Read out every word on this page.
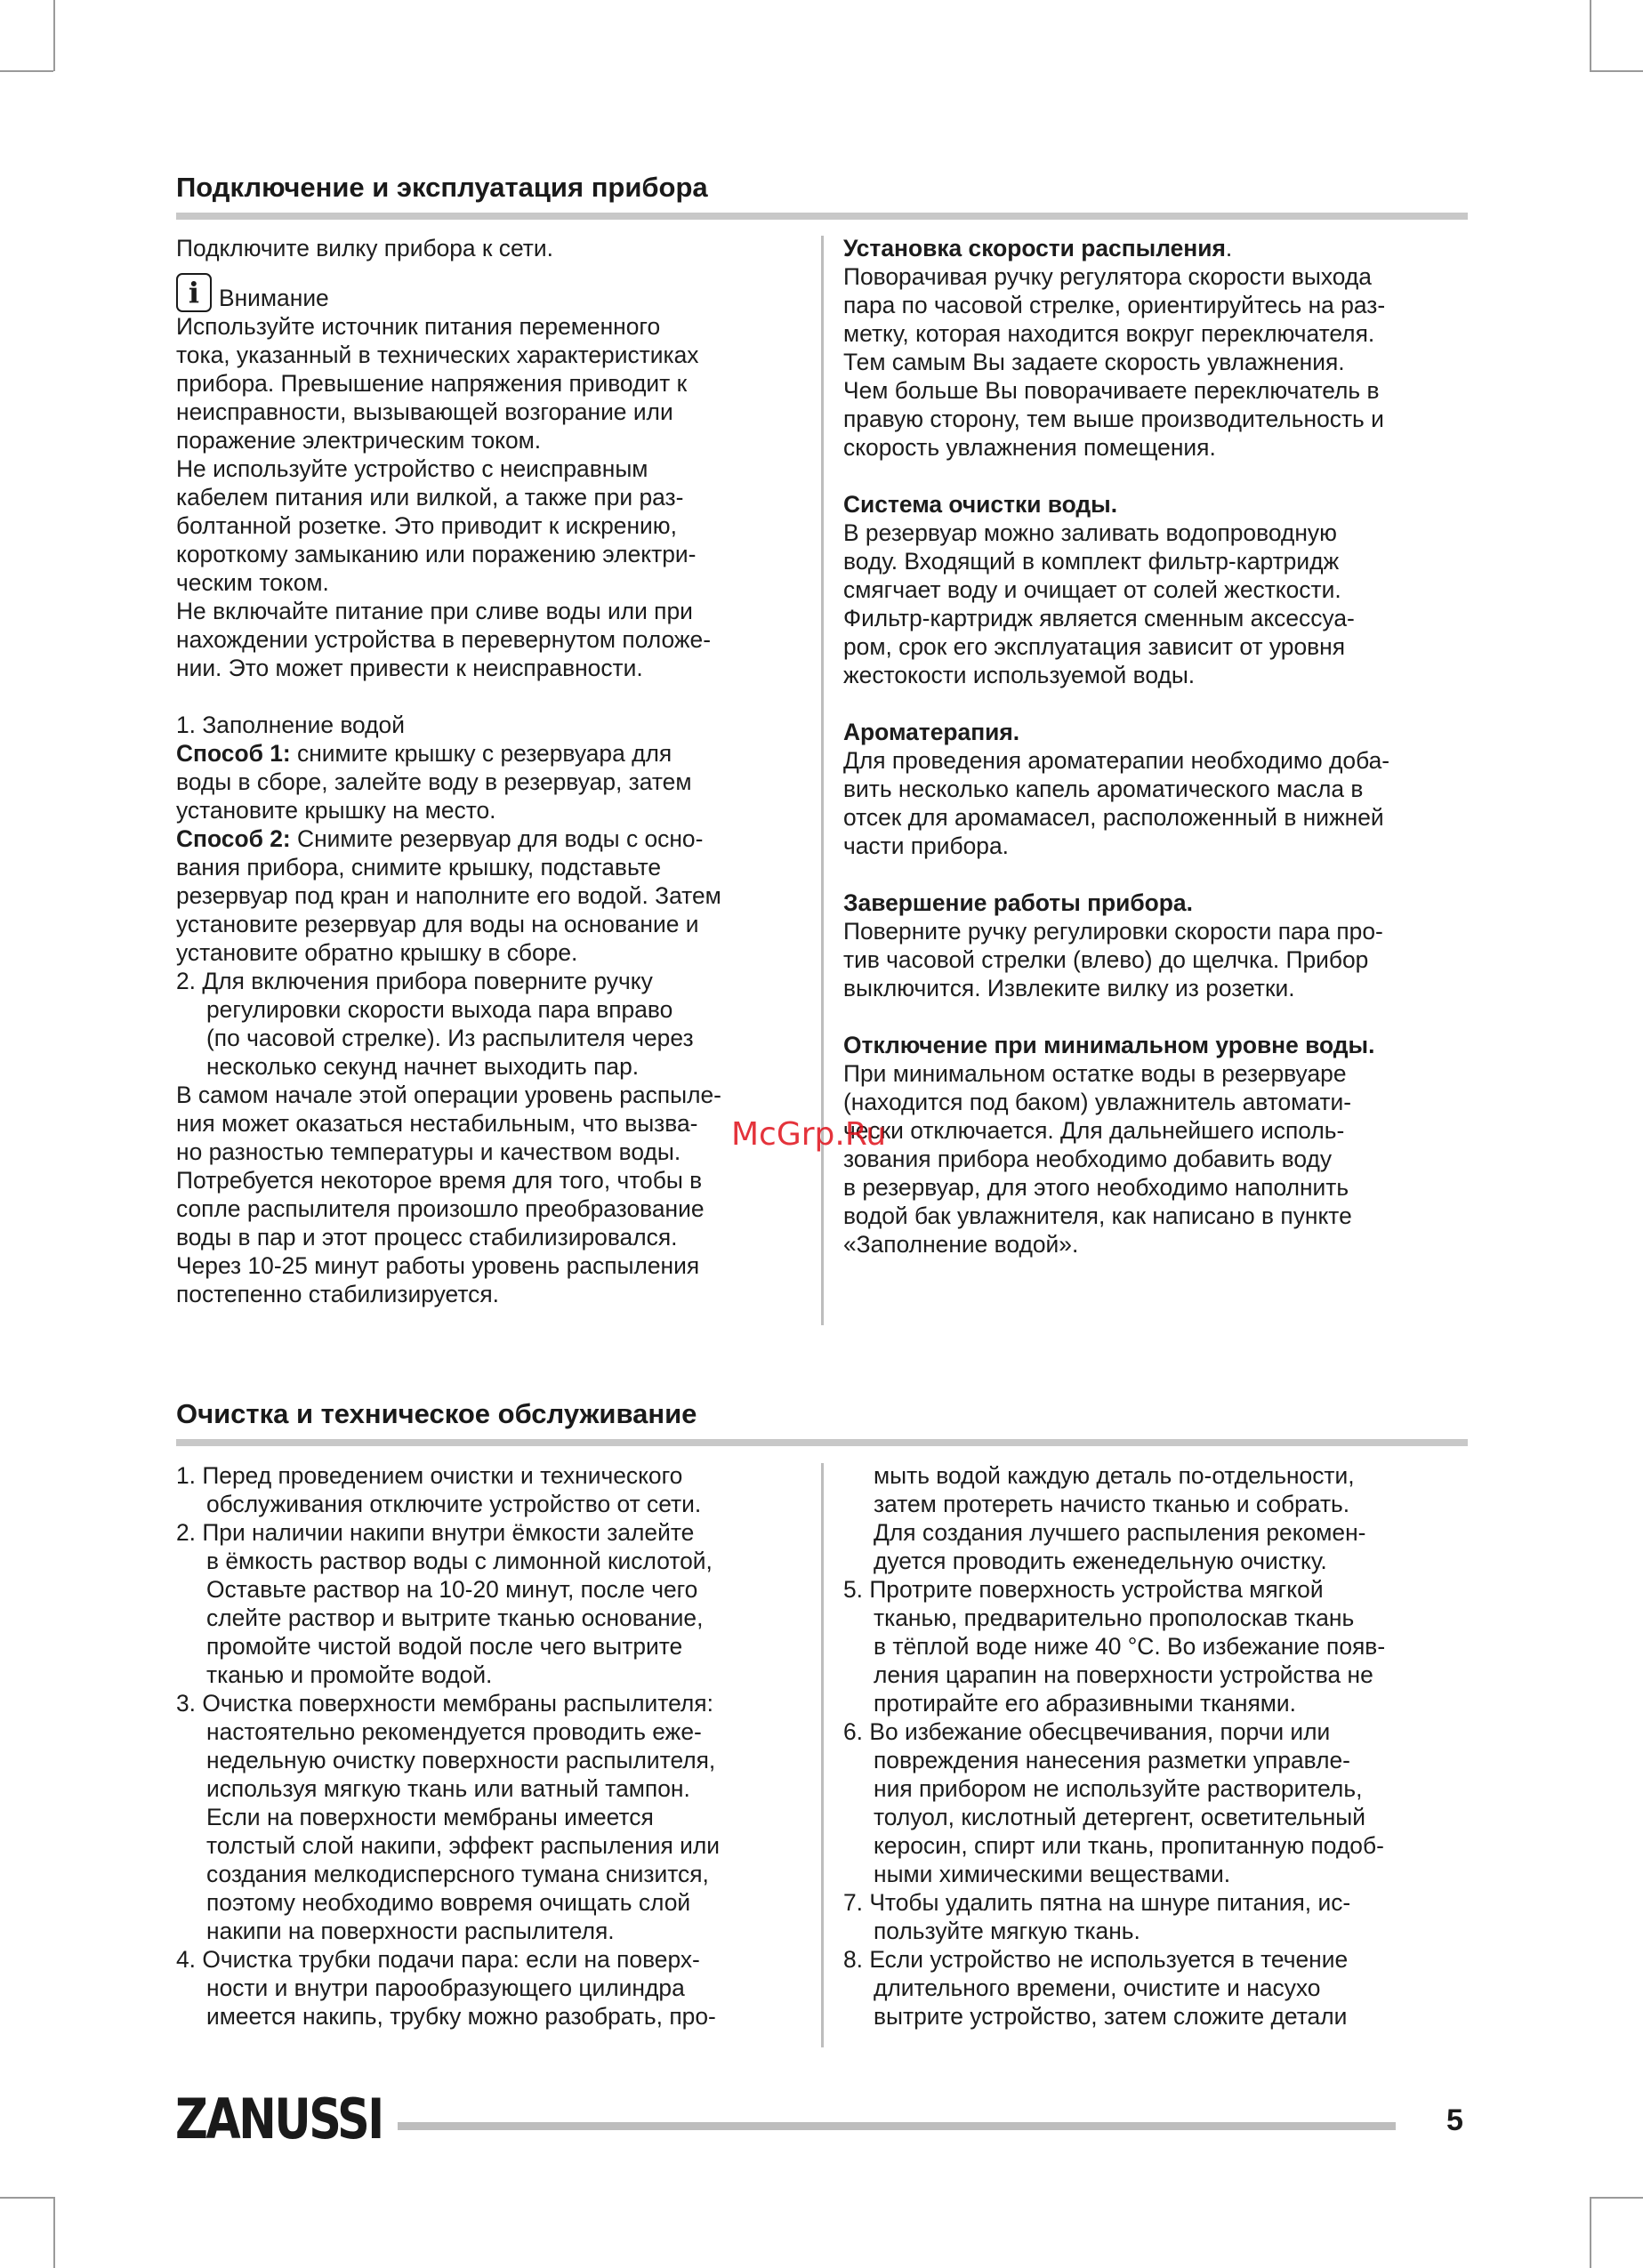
Подключение и эксплуатация прибора

Подключите вилку прибора к сети.

i Внимание

Используйте источник питания переменного

тока, указанный в технических характеристиках

прибора. Превышение напряжения приводит к

неисправности, вызывающей возгорание или

поражение электрическим током.

Не используйте устройство с неисправным

кабелем питания или вилкой, а также при раз-

болтанной розетке. Это приводит к искрению,

короткому замыканию или поражению электри-

ческим током.

Не включайте питание при сливе воды или при

нахождении устройства в перевернутом положе-

нии. Это может привести к неисправности.

1. Заполнение водой

Способ 1: снимите крышку с резервуара для

воды в сборе, залейте воду в резервуар, затем

установите крышку на место.

Способ 2: Снимите резервуар для воды с осно-

вания прибора, снимите крышку, подставьте

резервуар под кран и наполните его водой. Затем

установите резервуар для воды на основание и

установите обратно крышку в сборе.

2. Для включения прибора поверните ручку

регулировки скорости выхода пара вправо

(по часовой стрелке). Из распылителя через

несколько секунд начнет выходить пар.

В самом начале этой операции уровень распыле-

ния может оказаться нестабильным, что вызва-

но разностью температуры и качеством воды.

Потребуется некоторое время для того, чтобы в

сопле распылителя произошло преобразование

воды в пар и этот процесс стабилизировался.

Через 10-25 минут работы уровень распыления

постепенно стабилизируется.

Установка скорости распыления.

Поворачивая ручку регулятора скорости выхода

пара по часовой стрелке, ориентируйтесь на раз-

метку, которая находится вокруг переключателя.

Тем самым Вы задаете скорость увлажнения.

Чем больше Вы поворачиваете переключатель в

правую сторону, тем выше производительность и

скорость увлажнения помещения.

Система очистки воды.

В резервуар можно заливать водопроводную

воду. Входящий в комплект фильтр-картридж

смягчает воду и очищает от солей жесткости.

Фильтр-картридж является сменным аксессуа-

ром, срок его эксплуатация зависит от уровня

жестокости используемой воды.

Ароматерапия.

Для проведения ароматерапии необходимо доба-

вить несколько капель ароматического масла в

отсек для аромамасел, расположенный в нижней

части прибора.

Завершение работы прибора.

Поверните ручку регулировки скорости пара про-

тив часовой стрелки (влево) до щелчка. Прибор

выключится. Извлеките вилку из розетки.

Отключение при минимальном уровне воды.

При минимальном остатке воды в резервуаре

(находится под баком) увлажнитель автомати-

чески отключается. Для дальнейшего исполь-

зования прибора необходимо добавить воду

в резервуар, для этого необходимо наполнить

водой бак увлажнителя, как написано в пункте

«Заполнение водой».

McGrp.Ru
Очистка и техническое обслуживание

1. Перед проведением очистки и технического

обслуживания отключите устройство от сети.

2. При наличии накипи внутри ёмкости залейте

в ёмкость раствор воды с лимонной кислотой,

Оставьте раствор на 10-20 минут, после чего

слейте раствор и вытрите тканью основание,

промойте чистой водой после чего вытрите

тканью и промойте водой.

3. Очистка поверхности мембраны распылителя:

настоятельно рекомендуется проводить еже-

недельную очистку поверхности распылителя,

используя мягкую ткань или ватный тампон.

Если на поверхности мембраны имеется

толстый слой накипи, эффект распыления или

создания мелкодисперсного тумана снизится,

поэтому необходимо вовремя очищать слой

накипи на поверхности распылителя.

4. Очистка трубки подачи пара: если на поверх-

ности и внутри парообразующего цилиндра

имеется накипь, трубку можно разобрать, про-

мыть водой каждую деталь по-отдельности,

затем протереть начисто тканью и собрать.

Для создания лучшего распыления рекомен-

дуется проводить еженедельную очистку.

5. Протрите поверхность устройства мягкой

тканью, предварительно прополоскав ткань

в тёплой воде ниже 40 °С. Во избежание появ-

ления царапин на поверхности устройства не

протирайте его абразивными тканями.

6. Во избежание обесцвечивания, порчи или

повреждения нанесения разметки управле-

ния прибором не используйте растворитель,

толуол, кислотный детергент, осветительный

керосин, спирт или ткань, пропитанную подоб-

ными химическими веществами.

7. Чтобы удалить пятна на шнуре питания, ис-

пользуйте мягкую ткань.

8. Если устройство не используется в течение

длительного времени, очистите и насухо

вытрите устройство, затем сложите детали

ZANUSSI	5
